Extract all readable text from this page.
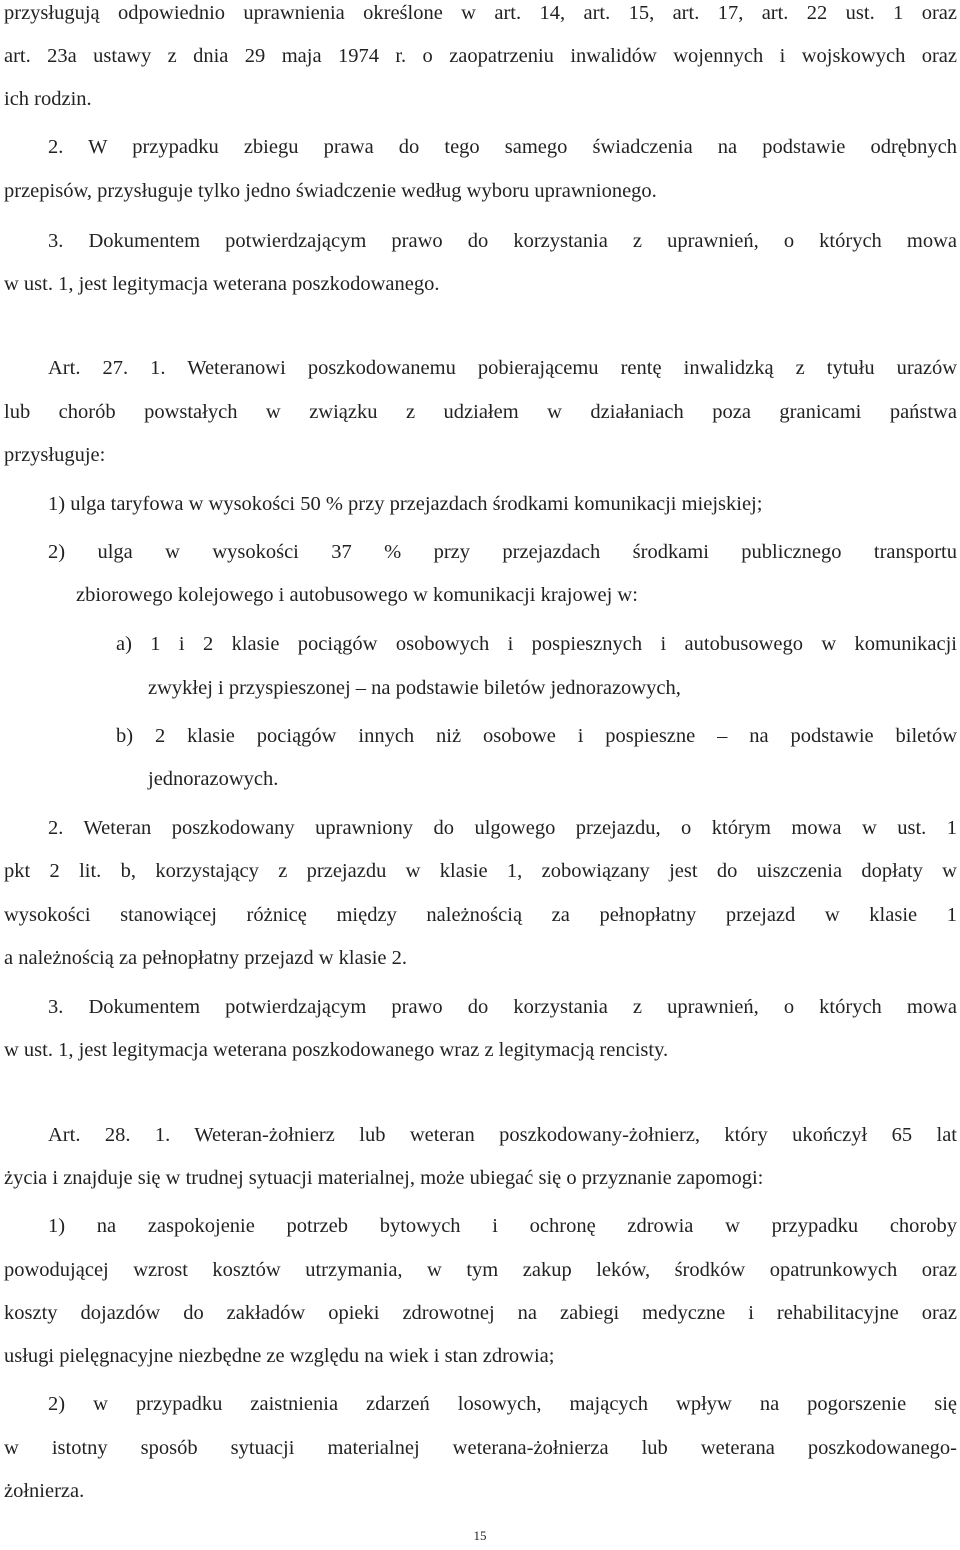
przysługują odpowiednio uprawnienia określone w art. 14, art. 15, art. 17, art. 22 ust. 1 oraz
art. 23a ustawy z dnia 29 maja 1974 r. o zaopatrzeniu inwalidów wojennych i wojskowych oraz
ich rodzin.
2. W przypadku zbiegu prawa do tego samego świadczenia na podstawie odrębnych
przepisów, przysługuje tylko jedno świadczenie według wyboru uprawnionego.
3. Dokumentem potwierdzającym prawo do korzystania z uprawnień, o których mowa
w ust. 1, jest legitymacja weterana poszkodowanego.
Art. 27. 1. Weteranowi poszkodowanemu pobierającemu rentę inwalidzką z tytułu urazów
lub chorób powstałych w związku z udziałem w działaniach poza granicami państwa
przysługuje:
1) ulga taryfowa w wysokości 50 % przy przejazdach środkami komunikacji miejskiej;
2) ulga w wysokości 37 % przy przejazdach środkami publicznego transportu
zbiorowego kolejowego i autobusowego w komunikacji krajowej w:
a) 1 i 2 klasie pociągów osobowych i pospiesznych i autobusowego w komunikacji
zwykłej i przyspieszonej – na podstawie biletów jednorazowych,
b) 2 klasie pociągów innych niż osobowe i pospieszne – na podstawie biletów
jednorazowych.
2. Weteran poszkodowany uprawniony do ulgowego przejazdu, o którym mowa w ust. 1
pkt 2 lit. b, korzystający z przejazdu w klasie 1, zobowiązany jest do uiszczenia dopłaty w
wysokości stanowiącej różnicę między należnością za pełnopłatny przejazd w klasie 1
a należnością za pełnopłatny przejazd w klasie 2.
3. Dokumentem potwierdzającym prawo do korzystania z uprawnień, o których mowa
w ust. 1, jest legitymacja weterana poszkodowanego wraz z legitymacją rencisty.
Art. 28. 1. Weteran-żołnierz lub weteran poszkodowany-żołnierz, który ukończył 65 lat
życia i znajduje się w trudnej sytuacji materialnej, może ubiegać się o przyznanie zapomogi:
1) na zaspokojenie potrzeb bytowych i ochronę zdrowia w przypadku choroby
powodującej wzrost kosztów utrzymania, w tym zakup leków, środków opatrunkowych oraz
koszty dojazdów do zakładów opieki zdrowotnej na zabiegi medyczne i rehabilitacyjne oraz
usługi pielęgnacyjne niezbędne ze względu na wiek i stan zdrowia;
2) w przypadku zaistnienia zdarzeń losowych, mających wpływ na pogorszenie się
w istotny sposób sytuacji materialnej weterana-żołnierza lub weterana poszkodowanego-
żołnierza.
15
